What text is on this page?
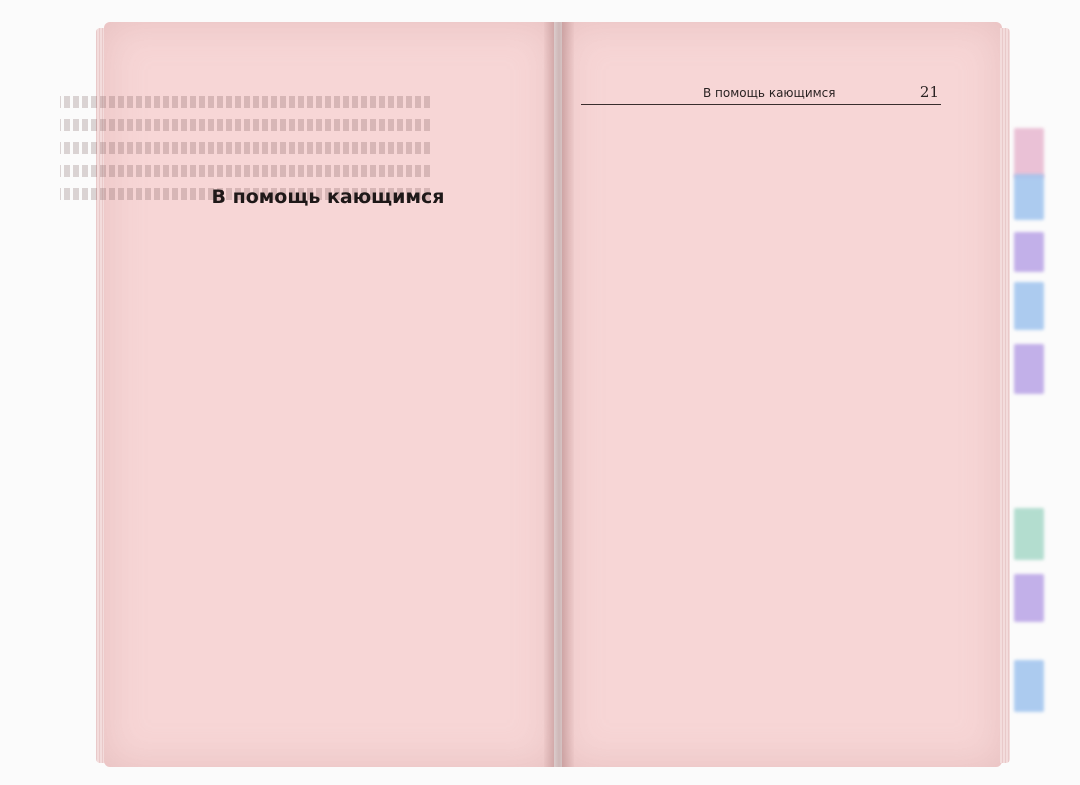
В помощь кающимся	21
В помощь кающимся
